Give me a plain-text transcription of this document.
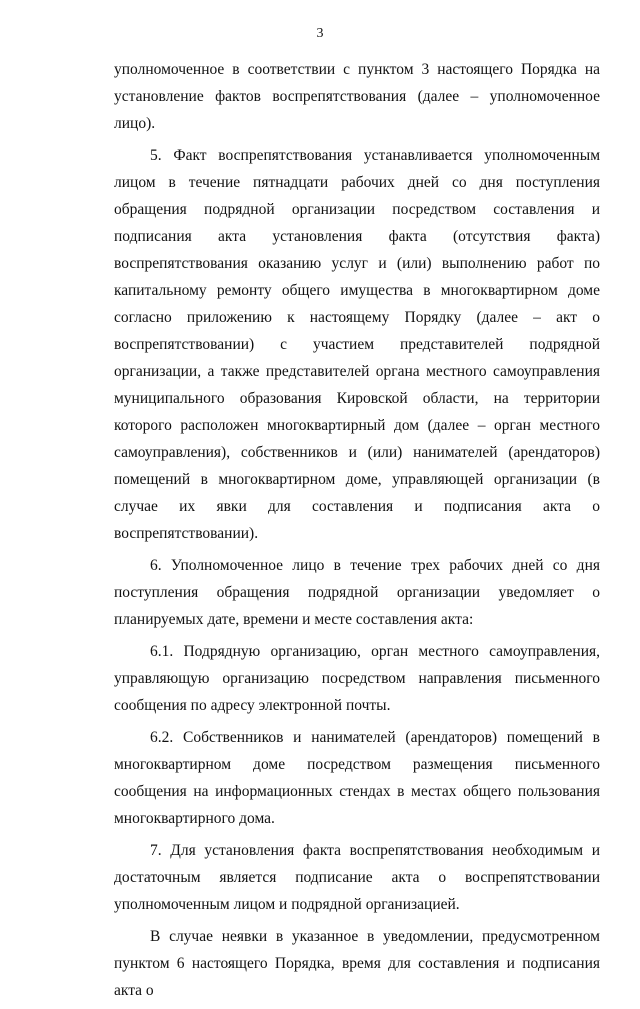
3

уполномоченное в соответствии с пунктом 3 настоящего Порядка на установление фактов воспрепятствования (далее – уполномоченное лицо).

5. Факт воспрепятствования устанавливается уполномоченным лицом в течение пятнадцати рабочих дней со дня поступления обращения подрядной организации посредством составления и подписания акта установления факта (отсутствия факта) воспрепятствования оказанию услуг и (или) выполнению работ по капитальному ремонту общего имущества в многоквартирном доме согласно приложению к настоящему Порядку (далее – акт о воспрепятствовании) с участием представителей подрядной организации, а также представителей органа местного самоуправления муниципального образования Кировской области, на территории которого расположен многоквартирный дом (далее – орган местного самоуправления), собственников и (или) нанимателей (арендаторов) помещений в многоквартирном доме, управляющей организации (в случае их явки для составления и подписания акта о воспрепятствовании).

6. Уполномоченное лицо в течение трех рабочих дней со дня поступления обращения подрядной организации уведомляет о планируемых дате, времени и месте составления акта:

6.1. Подрядную организацию, орган местного самоуправления, управляющую организацию посредством направления письменного сообщения по адресу электронной почты.

6.2. Собственников и нанимателей (арендаторов) помещений в многоквартирном доме посредством размещения письменного сообщения на информационных стендах в местах общего пользования многоквартирного дома.

7. Для установления факта воспрепятствования необходимым и достаточным является подписание акта о воспрепятствовании уполномоченным лицом и подрядной организацией.

В случае неявки в указанное в уведомлении, предусмотренном пунктом 6 настоящего Порядка, время для составления и подписания акта о
